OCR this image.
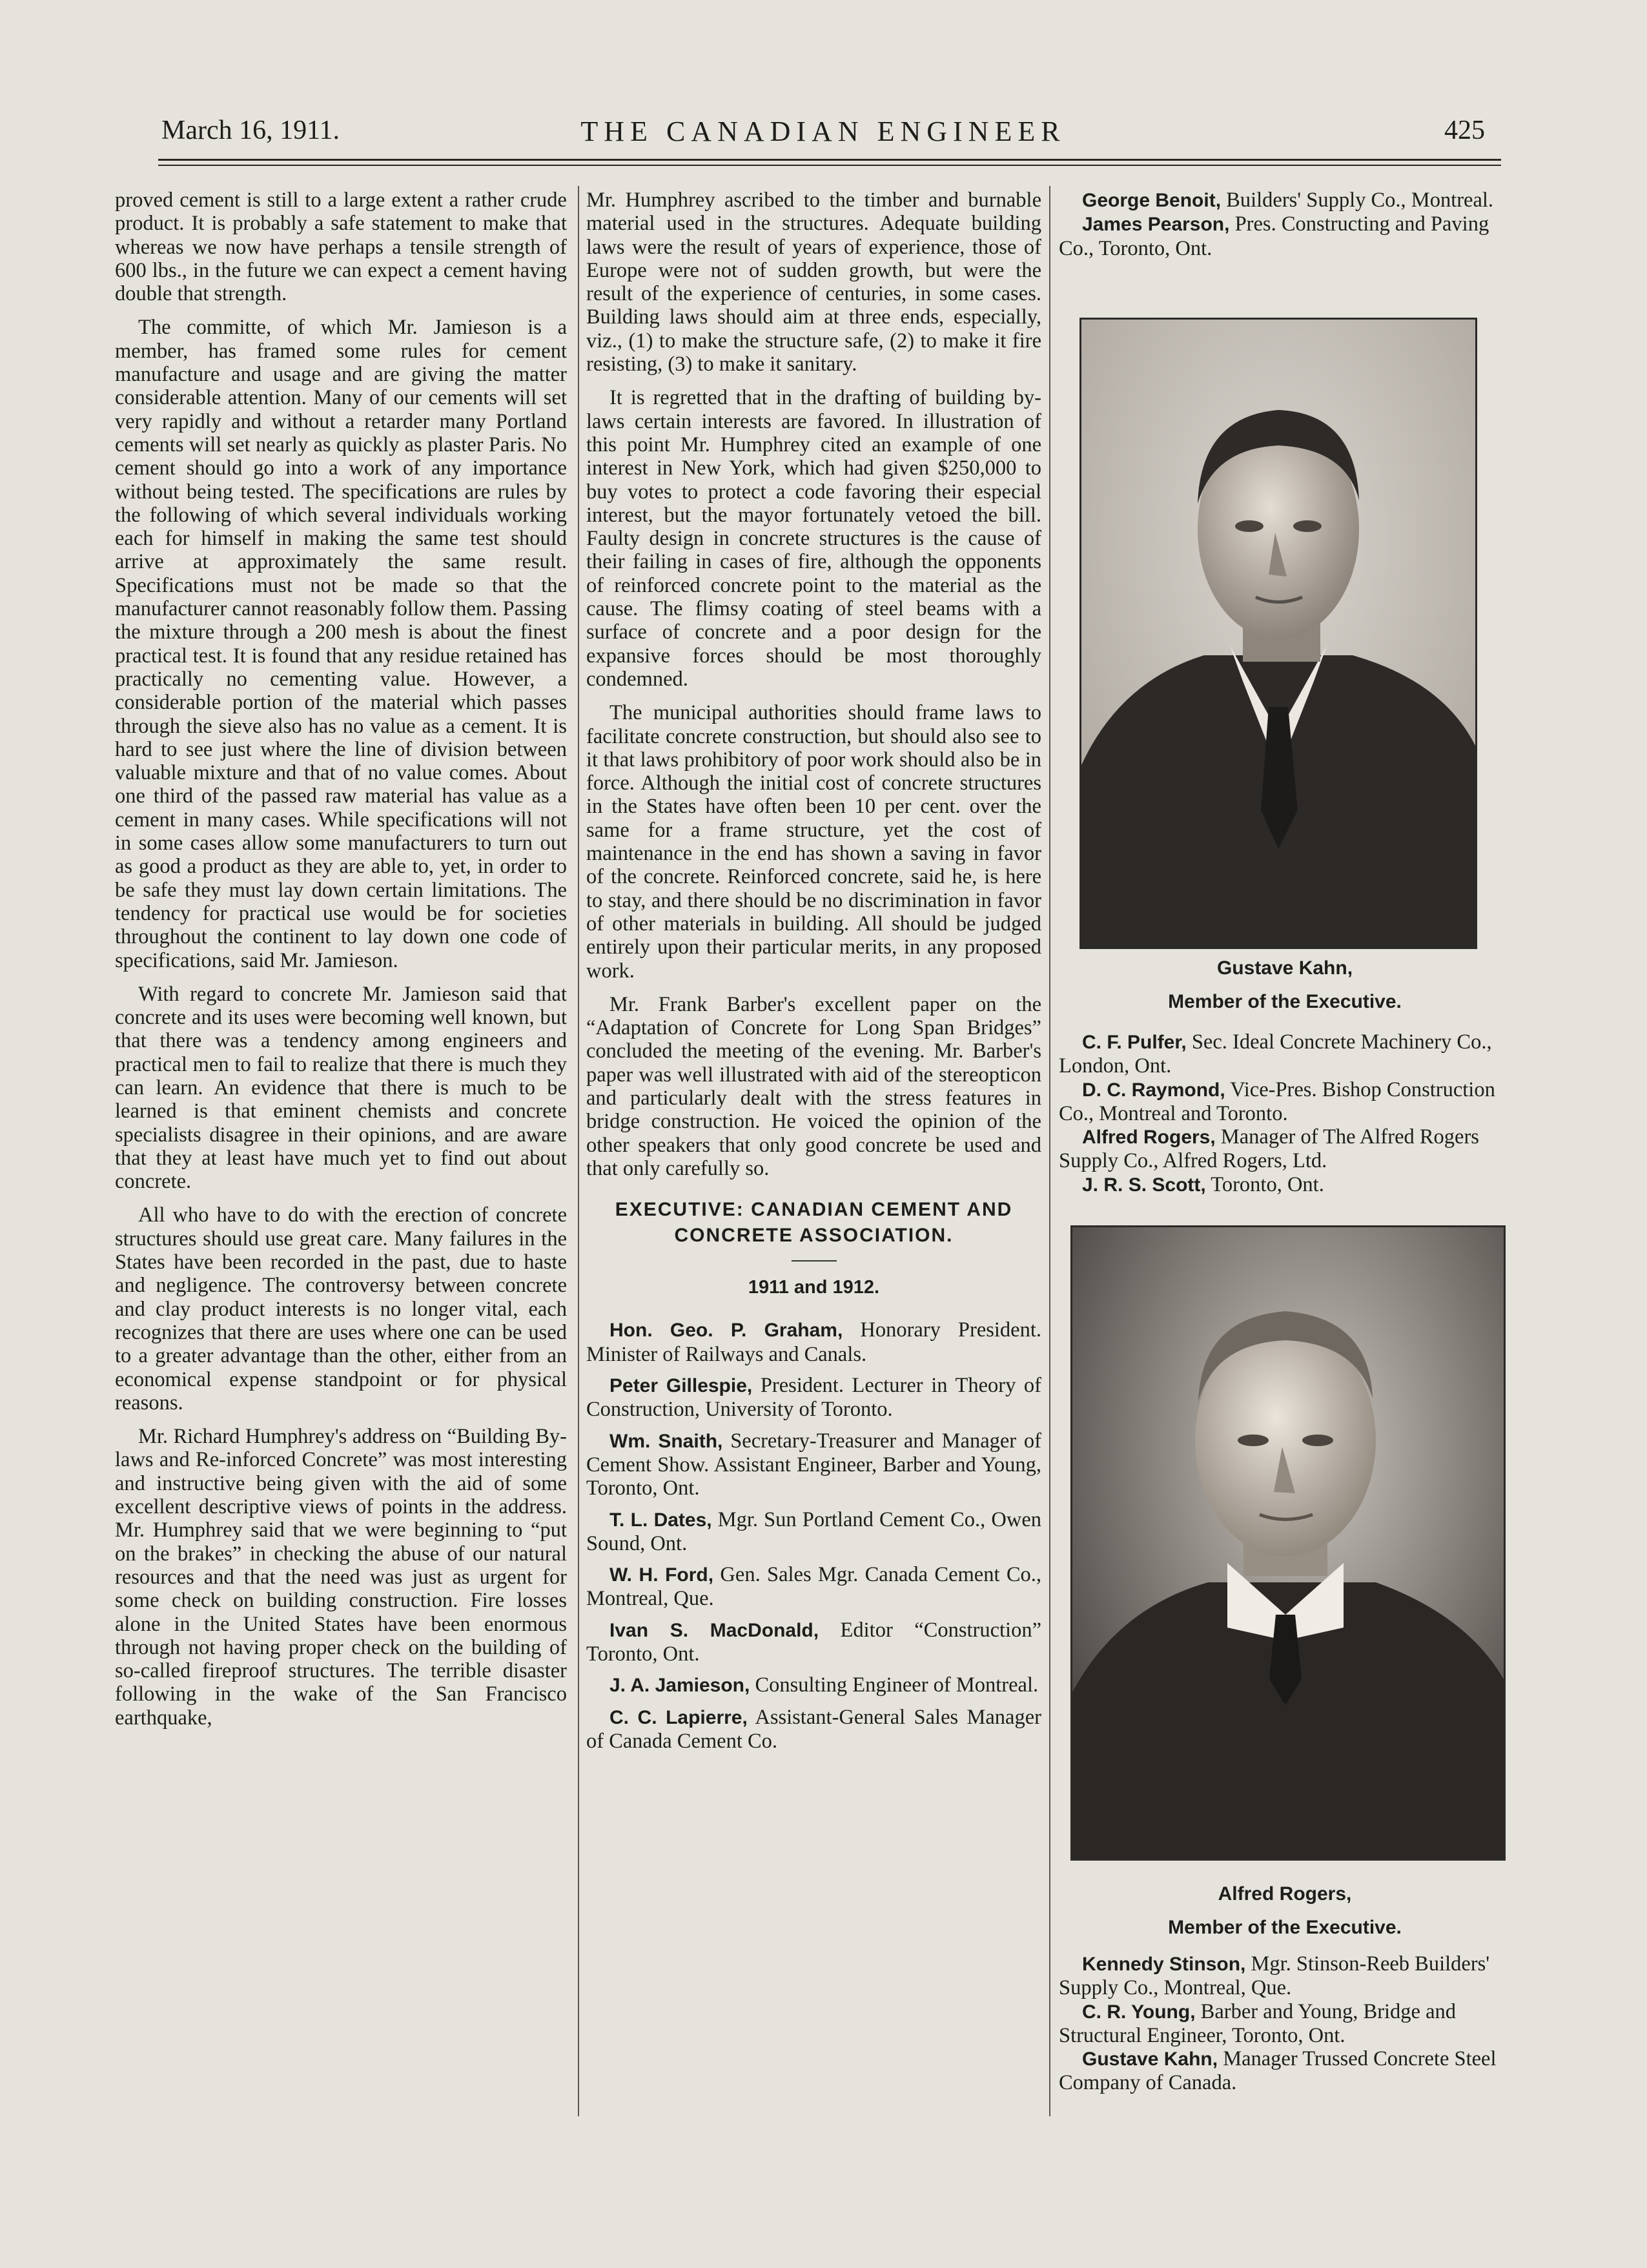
March 16, 1911.	THE CANADIAN ENGINEER	425

proved cement is still to a large extent a rather crude product. It is probably a safe statement to make that whereas we now have perhaps a tensile strength of 600 lbs., in the future we can expect a cement having double that strength.

The committe, of which Mr. Jamieson is a member, has framed some rules for cement manufacture and usage and are giving the matter considerable attention. Many of our cements will set very rapidly and without a retarder many Portland cements will set nearly as quickly as plaster Paris. No cement should go into a work of any importance without being tested. The specifications are rules by the following of which several individuals working each for himself in making the same test should arrive at approximately the same result. Specifications must not be made so that the manufacturer cannot reasonably follow them. Passing the mixture through a 200 mesh is about the finest practical test. It is found that any residue retained has practically no cementing value. However, a considerable portion of the material which passes through the sieve also has no value as a cement. It is hard to see just where the line of division between valuable mixture and that of no value comes. About one third of the passed raw material has value as a cement in many cases. While specifications will not in some cases allow some manufacturers to turn out as good a product as they are able to, yet, in order to be safe they must lay down certain limitations. The tendency for practical use would be for societies throughout the continent to lay down one code of specifications, said Mr. Jamieson.

With regard to concrete Mr. Jamieson said that concrete and its uses were becoming well known, but that there was a tendency among engineers and practical men to fail to realize that there is much they can learn. An evidence that there is much to be learned is that eminent chemists and concrete specialists disagree in their opinions, and are aware that they at least have much yet to find out about concrete.

All who have to do with the erection of concrete structures should use great care. Many failures in the States have been recorded in the past, due to haste and negligence. The controversy between concrete and clay product interests is no longer vital, each recognizes that there are uses where one can be used to a greater advantage than the other, either from an economical expense standpoint or for physical reasons.

Mr. Richard Humphrey's address on “Building By-laws and Re-inforced Concrete” was most interesting and instructive being given with the aid of some excellent descriptive views of points in the address. Mr. Humphrey said that we were beginning to “put on the brakes” in checking the abuse of our natural resources and that the need was just as urgent for some check on building construction. Fire losses alone in the United States have been enormous through not having proper check on the building of so-called fireproof structures. The terrible disaster following in the wake of the San Francisco earthquake,

Mr. Humphrey ascribed to the timber and burnable material used in the structures. Adequate building laws were the result of years of experience, those of Europe were not of sudden growth, but were the result of the experience of centuries, in some cases. Building laws should aim at three ends, especially, viz., (1) to make the structure safe, (2) to make it fire resisting, (3) to make it sanitary.

It is regretted that in the drafting of building by-laws certain interests are favored. In illustration of this point Mr. Humphrey cited an example of one interest in New York, which had given $250,000 to buy votes to protect a code favoring their especial interest, but the mayor fortunately vetoed the bill. Faulty design in concrete structures is the cause of their failing in cases of fire, although the opponents of reinforced concrete point to the material as the cause. The flimsy coating of steel beams with a surface of concrete and a poor design for the expansive forces should be most thoroughly condemned.

The municipal authorities should frame laws to facilitate concrete construction, but should also see to it that laws prohibitory of poor work should also be in force. Although the initial cost of concrete structures in the States have often been 10 per cent. over the same for a frame structure, yet the cost of maintenance in the end has shown a saving in favor of the concrete. Reinforced concrete, said he, is here to stay, and there should be no discrimination in favor of other materials in building. All should be judged entirely upon their particular merits, in any proposed work.

Mr. Frank Barber's excellent paper on the “Adaptation of Concrete for Long Span Bridges” concluded the meeting of the evening. Mr. Barber's paper was well illustrated with aid of the stereopticon and particularly dealt with the stress features in bridge construction. He voiced the opinion of the other speakers that only good concrete be used and that only carefully so.

EXECUTIVE: CANADIAN CEMENT AND CONCRETE ASSOCIATION.
1911 and 1912.

Hon. Geo. P. Graham, Honorary President. Minister of Railways and Canals.

Peter Gillespie, President. Lecturer in Theory of Construction, University of Toronto.

Wm. Snaith, Secretary-Treasurer and Manager of Cement Show. Assistant Engineer, Barber and Young, Toronto, Ont.

T. L. Dates, Mgr. Sun Portland Cement Co., Owen Sound, Ont.

W. H. Ford, Gen. Sales Mgr. Canada Cement Co., Montreal, Que.

Ivan S. MacDonald, Editor “Construction” Toronto, Ont.

J. A. Jamieson, Consulting Engineer of Montreal.

C. C. Lapierre, Assistant-General Sales Manager of Canada Cement Co.

George Benoit, Builders' Supply Co., Montreal.
James Pearson, Pres. Constructing and Paving Co., Toronto, Ont.
Gustave Kahn,
Member of the Executive.
C. F. Pulfer, Sec. Ideal Concrete Machinery Co., London, Ont.
D. C. Raymond, Vice-Pres. Bishop Construction Co., Montreal and Toronto.
Alfred Rogers, Manager of The Alfred Rogers Supply Co., Alfred Rogers, Ltd.
J. R. S. Scott, Toronto, Ont.
Alfred Rogers,
Member of the Executive.
Kennedy Stinson, Mgr. Stinson-Reeb Builders' Supply Co., Montreal, Que.
C. R. Young, Barber and Young, Bridge and Structural Engineer, Toronto, Ont.
Gustave Kahn, Manager Trussed Concrete Steel Company of Canada.
